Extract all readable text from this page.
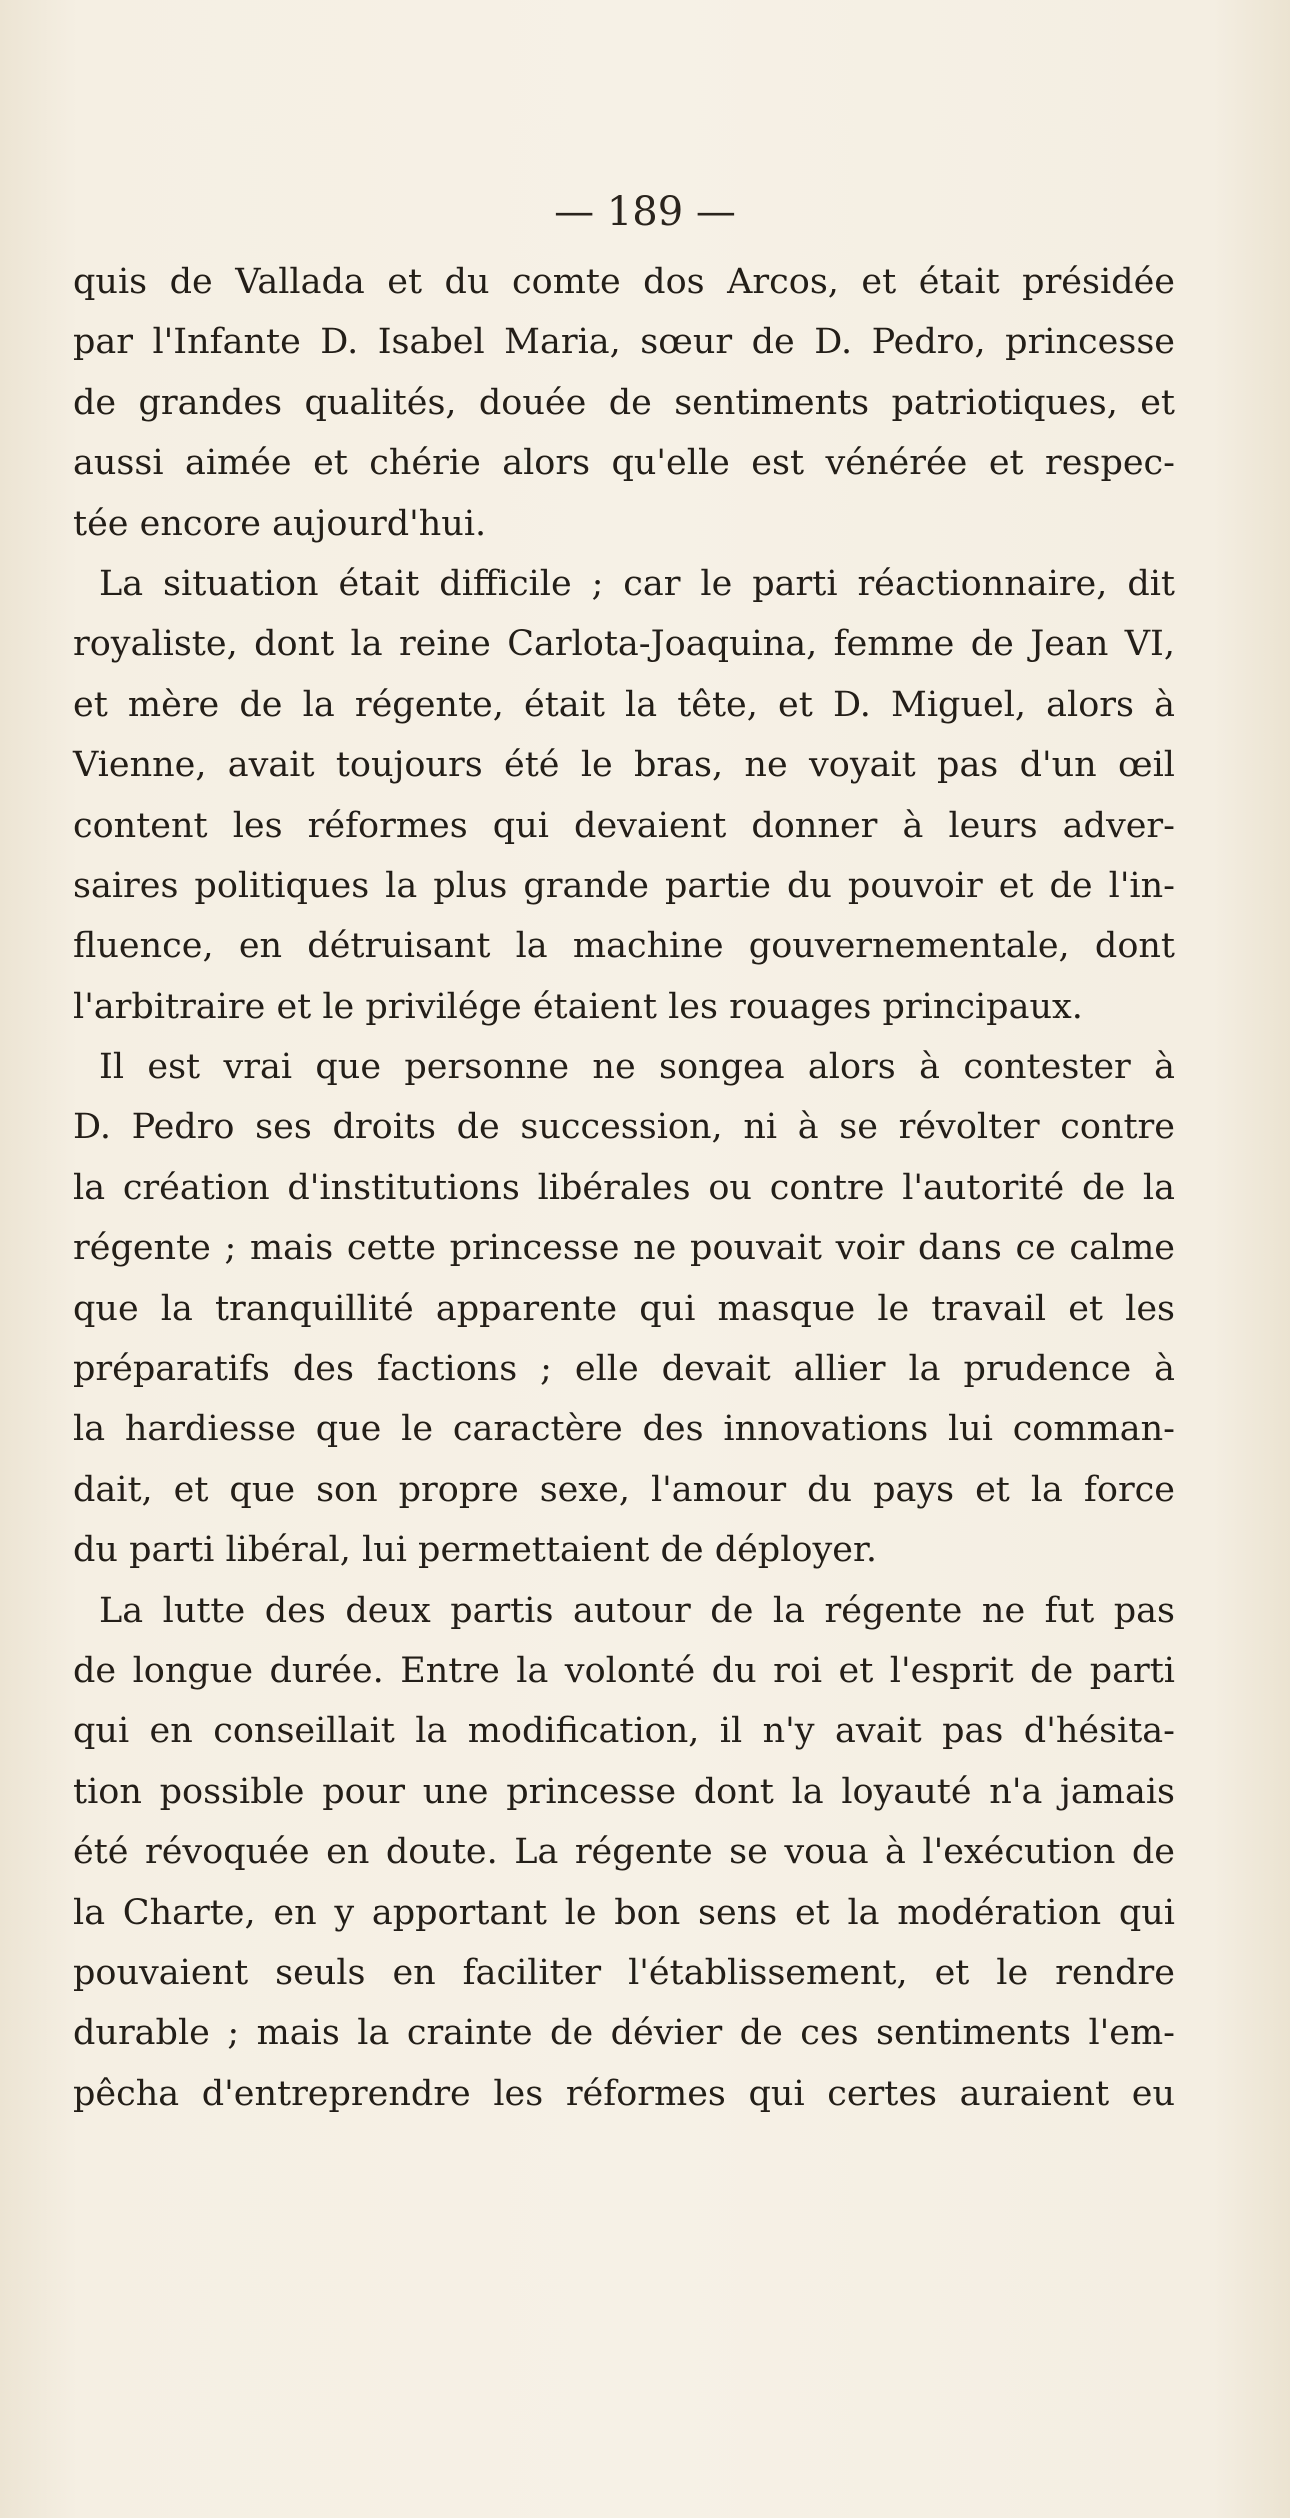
— 189 —
quis de Vallada et du comte dos Arcos, et était présidée
par l'Infante D. Isabel Maria, sœur de D. Pedro, princesse
de grandes qualités, douée de sentiments patriotiques, et
aussi aimée et chérie alors qu'elle est vénérée et respec-
tée encore aujourd'hui.
La situation était difficile ; car le parti réactionnaire, dit
royaliste, dont la reine Carlota-Joaquina, femme de Jean VI,
et mère de la régente, était la tête, et D. Miguel, alors à
Vienne, avait toujours été le bras, ne voyait pas d'un œil
content les réformes qui devaient donner à leurs adver-
saires politiques la plus grande partie du pouvoir et de l'in-
fluence, en détruisant la machine gouvernementale, dont
l'arbitraire et le privilége étaient les rouages principaux.
Il est vrai que personne ne songea alors à contester à
D. Pedro ses droits de succession, ni à se révolter contre
la création d'institutions libérales ou contre l'autorité de la
régente ; mais cette princesse ne pouvait voir dans ce calme
que la tranquillité apparente qui masque le travail et les
préparatifs des factions ; elle devait allier la prudence à
la hardiesse que le caractère des innovations lui comman-
dait, et que son propre sexe, l'amour du pays et la force
du parti libéral, lui permettaient de déployer.
La lutte des deux partis autour de la régente ne fut pas
de longue durée. Entre la volonté du roi et l'esprit de parti
qui en conseillait la modification, il n'y avait pas d'hésita-
tion possible pour une princesse dont la loyauté n'a jamais
été révoquée en doute. La régente se voua à l'exécution de
la Charte, en y apportant le bon sens et la modération qui
pouvaient seuls en faciliter l'établissement, et le rendre
durable ; mais la crainte de dévier de ces sentiments l'em-
pêcha d'entreprendre les réformes qui certes auraient eu
